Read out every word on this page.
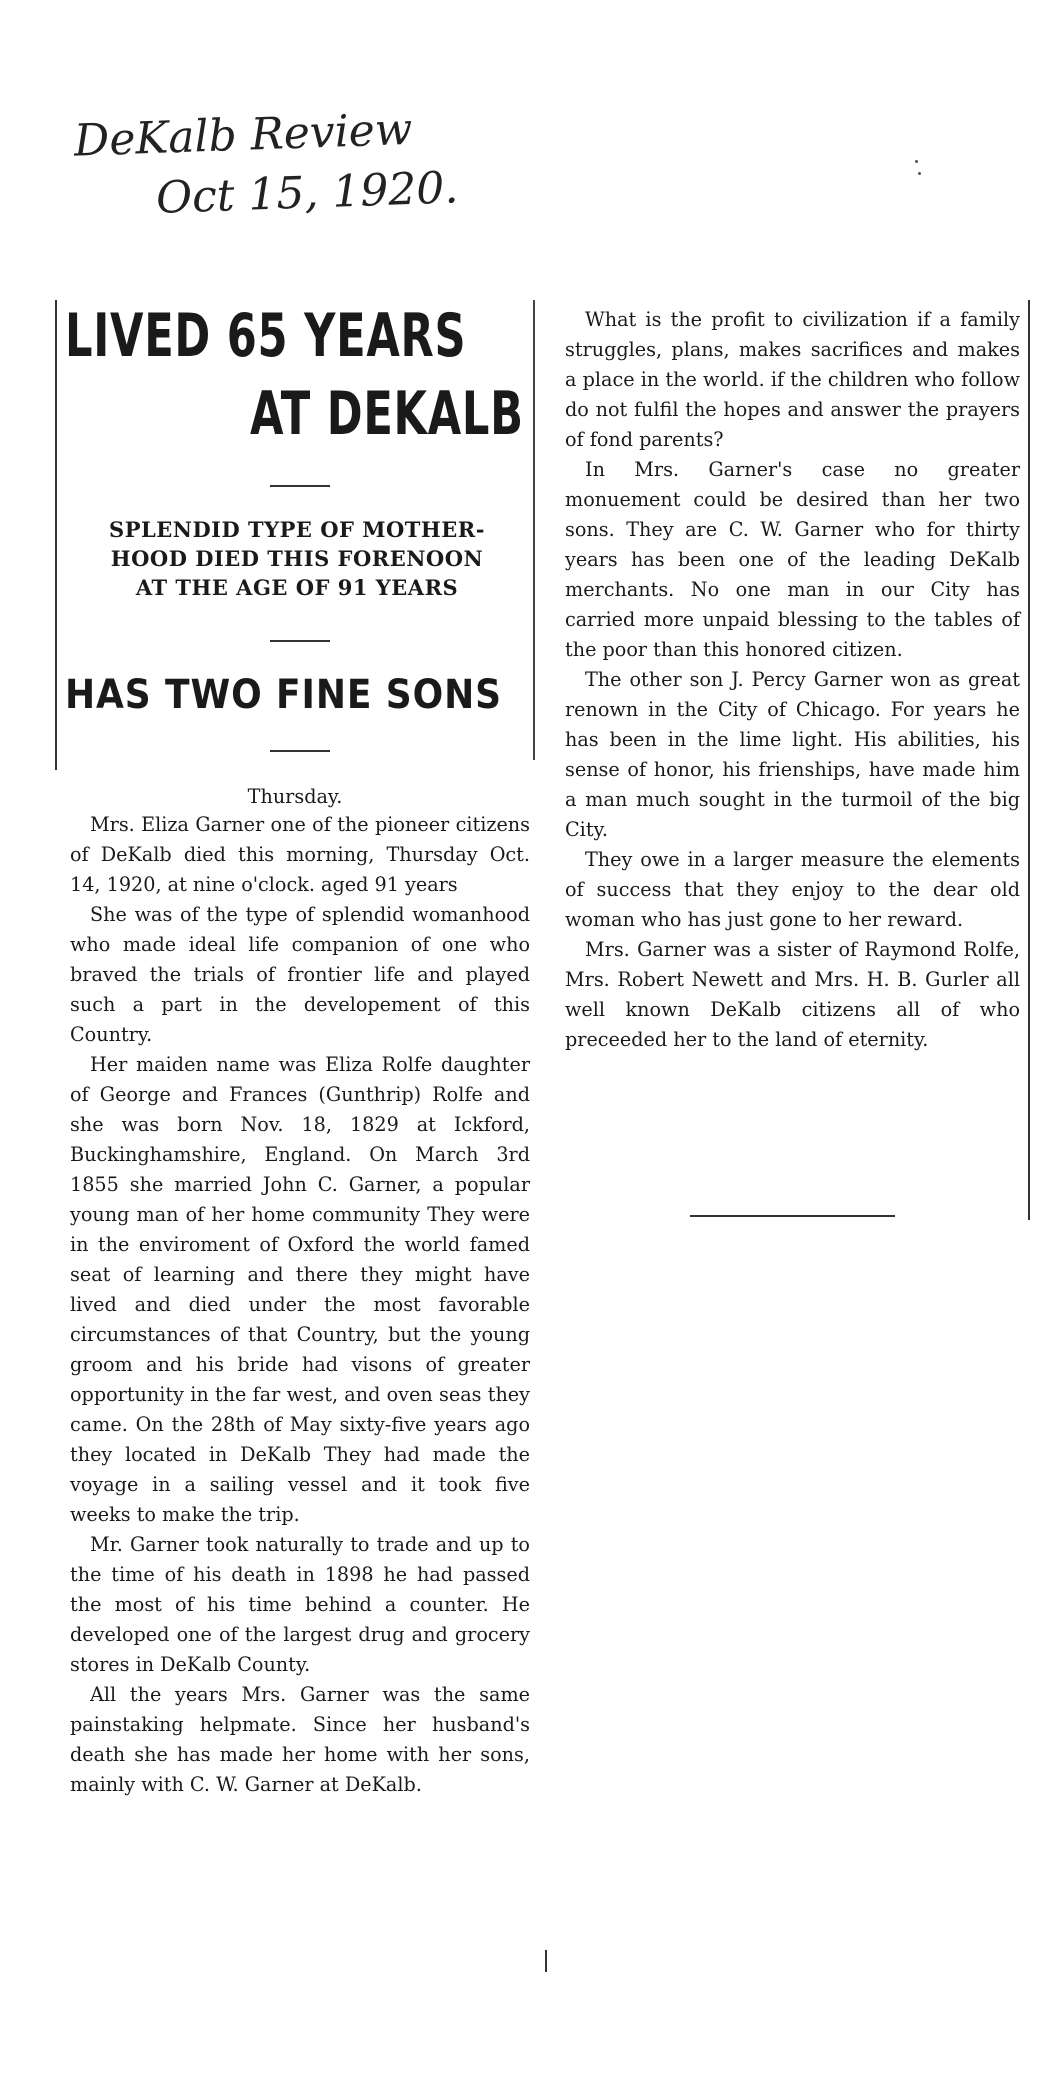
DeKalb Review
Oct 15, 1920.
LIVED 65 YEARS
AT DEKALB
SPLENDID TYPE OF MOTHER-
HOOD DIED THIS FORENOON
AT THE AGE OF 91 YEARS
HAS TWO FINE SONS
Thursday.

Mrs. Eliza Garner one of the pioneer citizens of DeKalb died this morning, Thursday Oct. 14, 1920, at nine o'clock. aged 91 years

She was of the type of splendid womanhood who made ideal life companion of one who braved the trials of frontier life and played such a part in the developement of this Country.

Her maiden name was Eliza Rolfe daughter of George and Frances (Gunthrip) Rolfe and she was born Nov. 18, 1829 at Ickford, Buckinghamshire, England. On March 3rd 1855 she married John C. Garner, a popular young man of her home community They were in the enviroment of Oxford the world famed seat of learning and there they might have lived and died under the most favorable circumstances of that Country, but the young groom and his bride had visons of greater opportunity in the far west, and oven seas they came. On the 28th of May sixty-five years ago they located in DeKalb They had made the voyage in a sailing vessel and it took five weeks to make the trip.

Mr. Garner took naturally to trade and up to the time of his death in 1898 he had passed the most of his time behind a counter. He developed one of the largest drug and grocery stores in DeKalb County.

All the years Mrs. Garner was the same painstaking helpmate. Since her husband's death she has made her home with her sons, mainly with C. W. Garner at DeKalb.

What is the profit to civilization if a family struggles, plans, makes sacrifices and makes a place in the world. if the children who follow do not fulfil the hopes and answer the prayers of fond parents?

In Mrs. Garner's case no greater monuement could be desired than her two sons. They are C. W. Garner who for thirty years has been one of the leading DeKalb merchants. No one man in our City has carried more unpaid blessing to the tables of the poor than this honored citizen.

The other son J. Percy Garner won as great renown in the City of Chicago. For years he has been in the lime light. His abilities, his sense of honor, his frienships, have made him a man much sought in the turmoil of the big City.

They owe in a larger measure the elements of success that they enjoy to the dear old woman who has just gone to her reward.

Mrs. Garner was a sister of Raymond Rolfe, Mrs. Robert Newett and Mrs. H. B. Gurler all well known DeKalb citizens all of who preceeded her to the land of eternity.
